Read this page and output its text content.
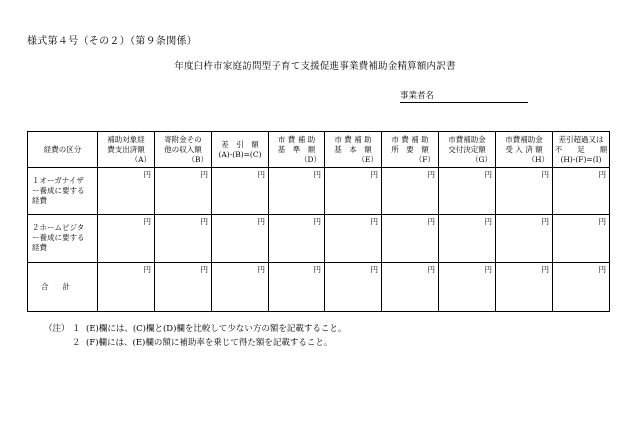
様式第４号（その２）（第９条関係）
年度臼杵市家庭訪問型子育て支援促進事業費補助金精算額内訳書
事業者名
経費の区分	補助対象経
費支出済額
（A）	寄附金その
他の収入額
（B）	差　引　額
(A)-(B)=(C)	市 費 補 助
基　準　額
（D）	市 費 補 助
基　本　額
（E）	市 費 補 助
所　要　額
（F）	市費補助金
交付決定額
（G）	市費補助金
受 入 済 額
（H）	差引超過又は
不　　足　　額
(H)-(F)=(I)

１オーガナイザ
ー養成に要する
経費	円	円	円	円	円	円	円	円	円

２ホームビジタ
ー養成に要する
経費	円	円	円	円	円	円	円	円	円
合計	円	円	円	円	円	円	円	円	円
（注） １ (E)欄には、(C)欄と(D)欄を比較して少ない方の額を記載すること。
２ (F)欄には、(E)欄の額に補助率を乗じて得た額を記載すること。
